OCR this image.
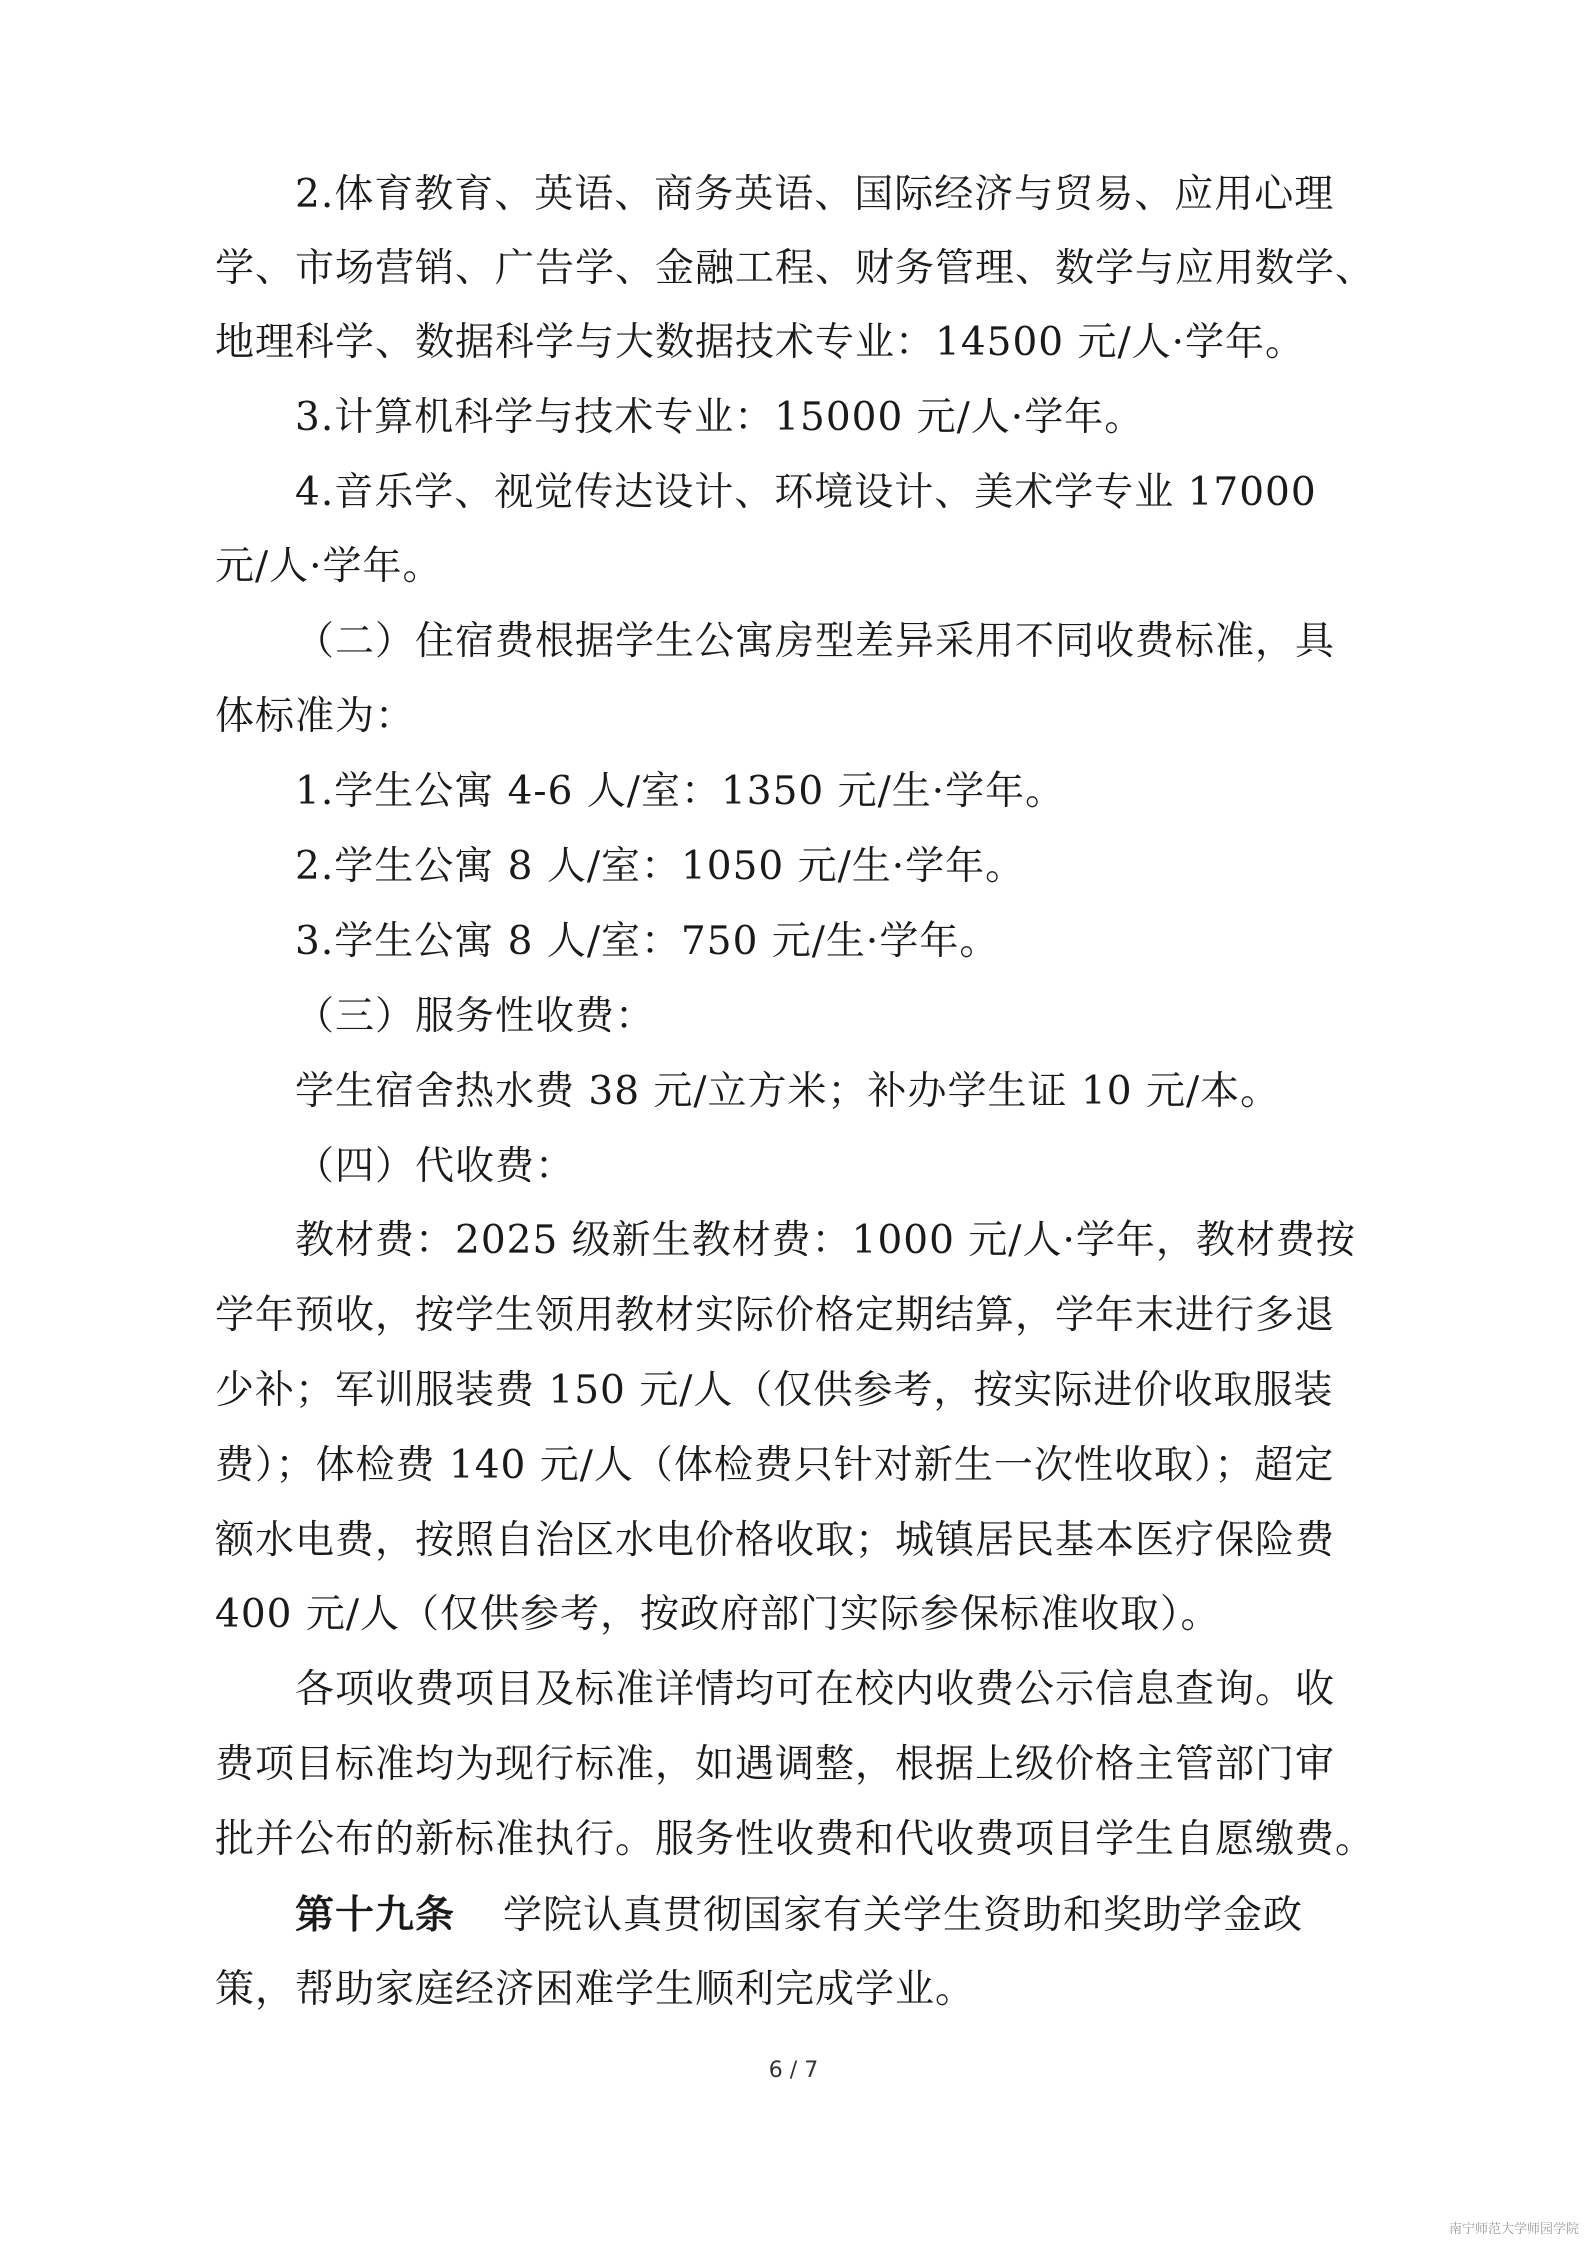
2.体育教育、英语、商务英语、国际经济与贸易、应用心理
学、市场营销、广告学、金融工程、财务管理、数学与应用数学、
地理科学、数据科学与大数据技术专业：14500 元/人·学年。
3.计算机科学与技术专业：15000 元/人·学年。
4.音乐学、视觉传达设计、环境设计、美术学专业 17000
元/人·学年。
（二）住宿费根据学生公寓房型差异采用不同收费标准，具
体标准为：
1.学生公寓 4-6 人/室：1350 元/生·学年。
2.学生公寓 8 人/室：1050 元/生·学年。
3.学生公寓 8 人/室：750 元/生·学年。
（三）服务性收费：
学生宿舍热水费 38 元/立方米；补办学生证 10 元/本。
（四）代收费：
教材费：2025 级新生教材费：1000 元/人·学年，教材费按
学年预收，按学生领用教材实际价格定期结算，学年末进行多退
少补；军训服装费 150 元/人（仅供参考，按实际进价收取服装
费）；体检费 140 元/人（体检费只针对新生一次性收取）；超定
额水电费，按照自治区水电价格收取；城镇居民基本医疗保险费
400 元/人（仅供参考，按政府部门实际参保标准收取）。
各项收费项目及标准详情均可在校内收费公示信息查询。收
费项目标准均为现行标准，如遇调整，根据上级价格主管部门审
批并公布的新标准执行。服务性收费和代收费项目学生自愿缴费。
第十九条 学院认真贯彻国家有关学生资助和奖助学金政
策，帮助家庭经济困难学生顺利完成学业。
6 / 7
南宁师范大学师园学院
